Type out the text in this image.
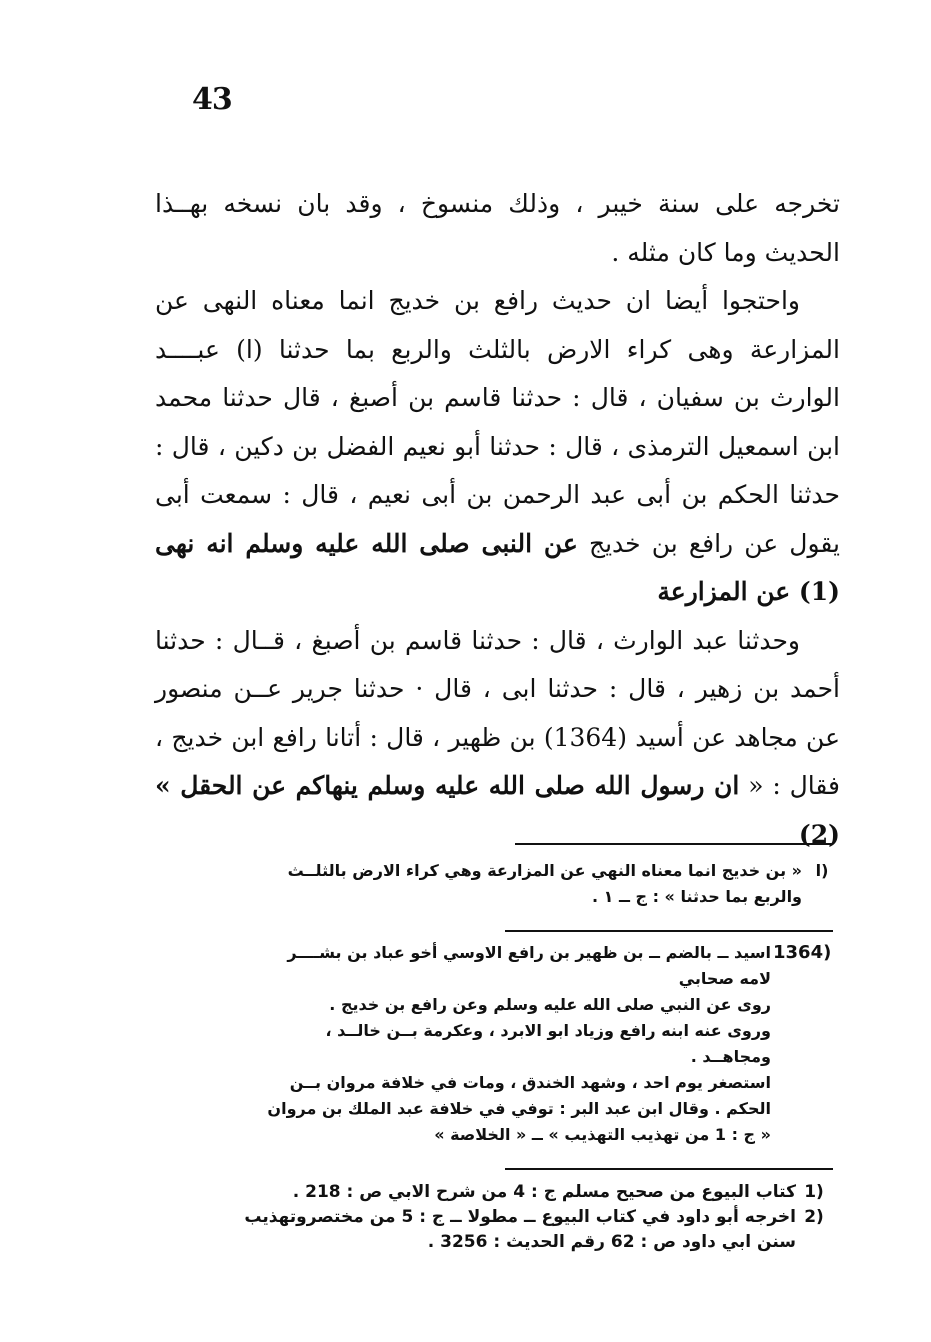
43

تخرجه على سنة خيبر ، وذلك منسوخ ، وقد بان نسخه بهــذا الحديث وما كان مثله .

واحتجوا أيضا ان حديث رافع بن خديج انما معناه النهى عن المزارعة وهى كراء الارض بالثلث والربع بما حدثنا (ا) عبــــد الوارث بن سفيان ، قال : حدثنا قاسم بن أصبغ ، قال حدثنا محمد ابن اسمعيل الترمذى ، قال : حدثنا أبو نعيم الفضل بن دكين ، قال : حدثنا الحكم بن أبى عبد الرحمن بن أبى نعيم ، قال : سمعت أبى يقول عن رافع بن خديج عن النبى صلى الله عليه وسلم انه نهى (1) عن المزارعة

وحدثنا عبد الوارث ، قال : حدثنا قاسم بن أصبغ ، قــال : حدثنا أحمد بن زهير ، قال : حدثنا ابى ، قال · حدثنا جرير عــن منصور عن مجاهد عن أسيد (1364) بن ظهير ، قال : أتانا رافع ابن خديج ، فقال : « ان رسول الله صلى الله عليه وسلم ينهاكم عن الحقل » (2)

ا)
« بن خديج انما معناه النهي عن المزارعة وهي كراء الارض بالثلــث
والربع بما حدثنا » : ج ــ ١ .
1364)
اسيد ــ بالضم ــ بن ظهير بن رافع الاوسي أخو عباد بن بشــــر
لامه صحابي
روى عن النبي صلى الله عليه وسلم وعن رافع بن خديج .
وروى عنه ابنه رافع وزياد ابو الابرد ، وعكرمة بــن خالــد ،
ومجاهــد .
استصغر يوم احد ، وشهد الخندق ، ومات في خلافة مروان بــن
الحكم . وقال ابن عبد البر : توفي في خلافة عبد الملك بن مروان
« ج : 1 من تهذيب التهذيب » ــ « الخلاصة »
1)
كتاب البيوع من صحيح مسلم ج : 4 من شرح الابي ص : 218 .
2)
اخرجه أبو داود في كتاب البيوع ــ مطولا ــ ج : 5 من مختصروتهذيب
سنن ابي داود ص : 62 رقم الحديث : 3256 .
